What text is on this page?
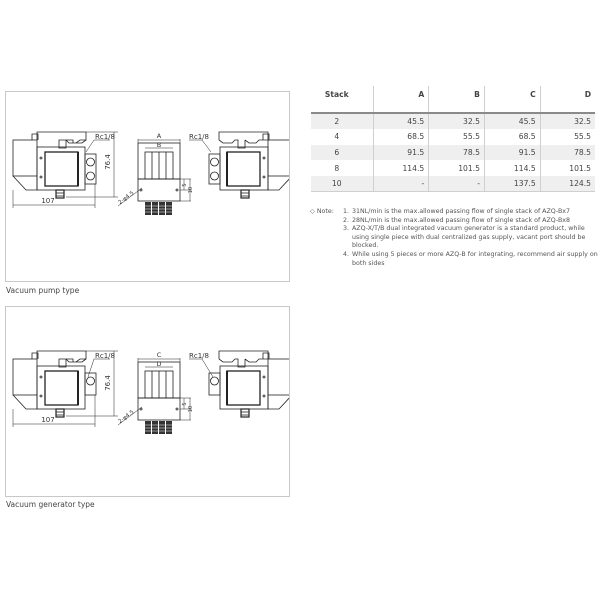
Rc1/8
76.4
107
A
B
5
10
2-φ4.5
Rc1/8
Vacuum pump type
Rc1/8
76.4
107
C
D
5
10
2-φ4.5
Rc1/8
Vacuum generator type
Stack	A	B	C	D
2	45.5	32.5	45.5	32.5
4	68.5	55.5	68.5	55.5
6	91.5	78.5	91.5	78.5
8	114.5	101.5	114.5	101.5
10	-	-	137.5	124.5
◇ Note:	1. 31NL/min is the max.allowed passing flow of single stack of AZQ-Bx7
2. 28NL/min is the max.allowed passing flow of single stack of AZQ-Bx8
3. AZQ-X/T/B dual integrated vacuum generator is a standard product, while using single piece with dual centralized gas supply, vacant port should be blocked.
4. While using 5 pieces or more AZQ-B for integrating, recommend air supply on both sides
